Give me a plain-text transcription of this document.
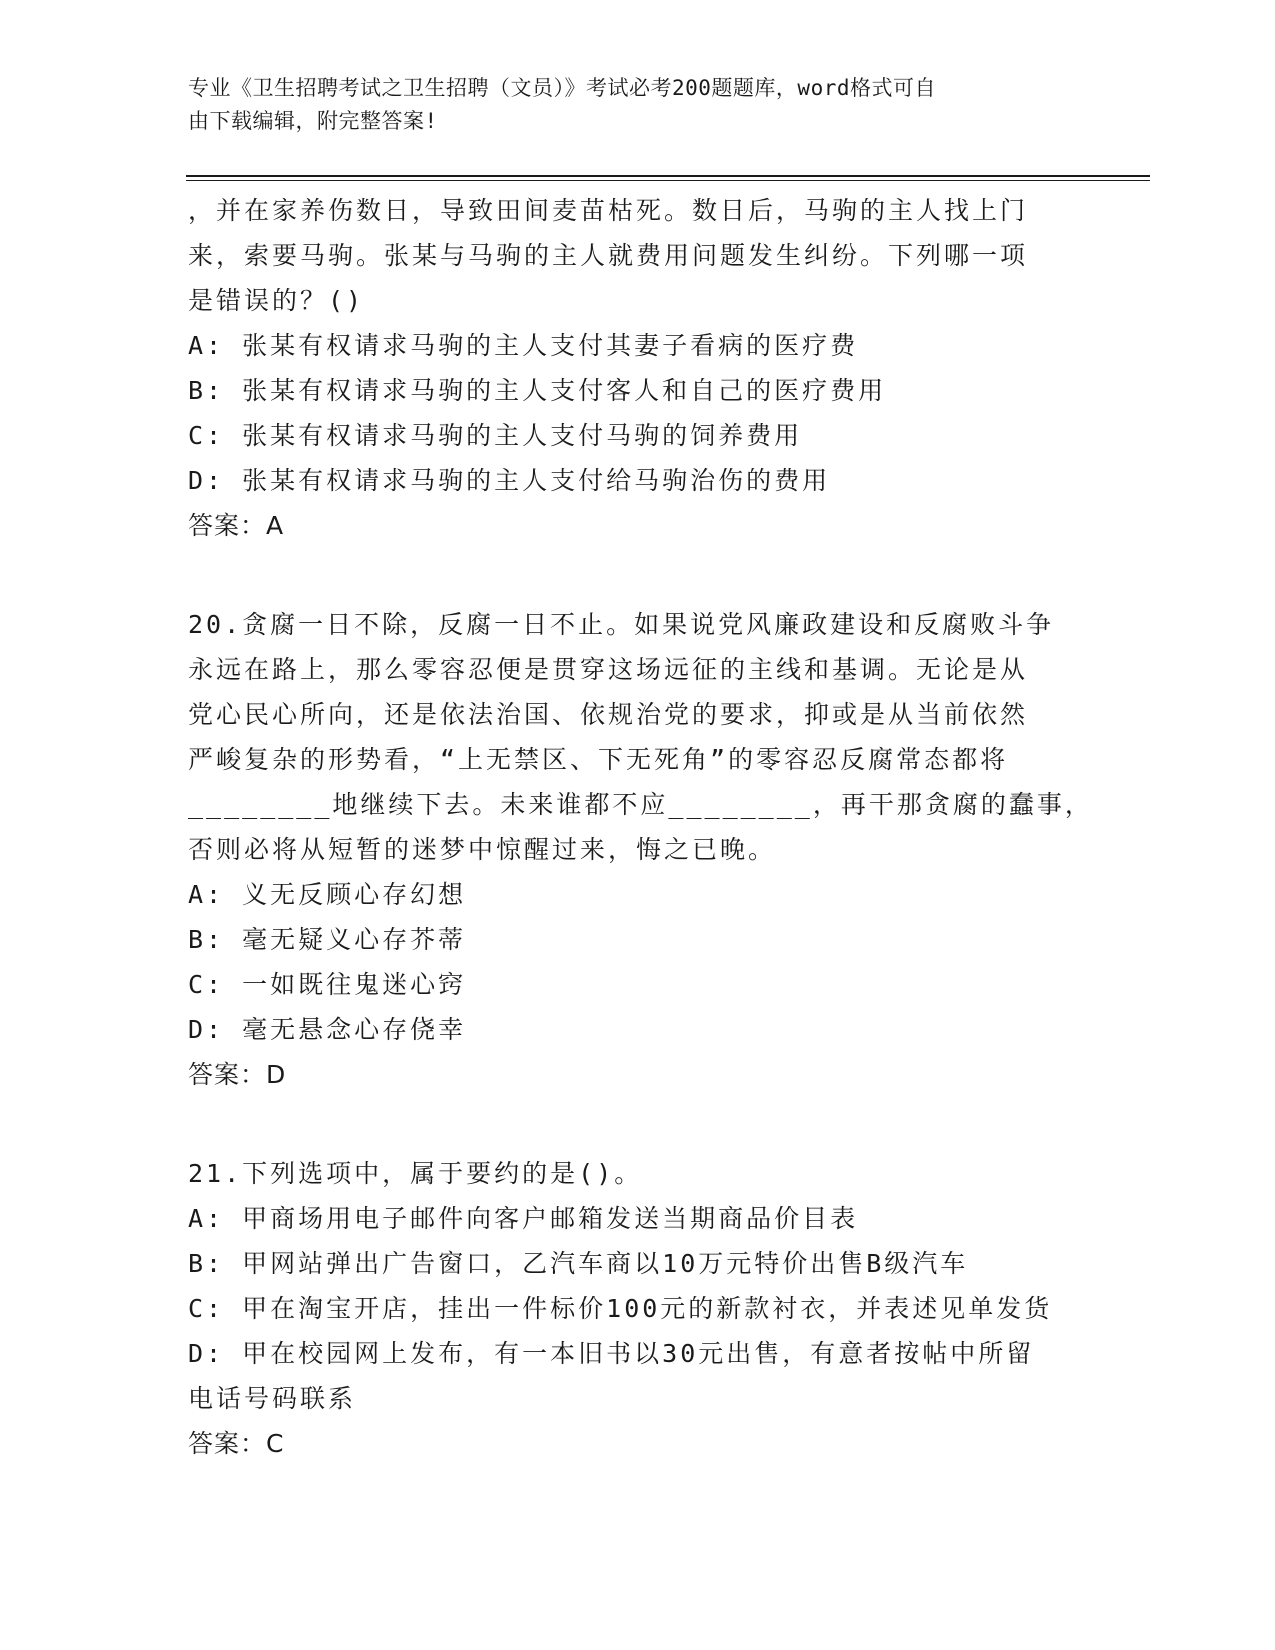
专业《卫生招聘考试之卫生招聘（文员）》考试必考200题题库，word格式可自
由下载编辑，附完整答案!
，并在家养伤数日，导致田间麦苗枯死。数日后，马驹的主人找上门
来，索要马驹。张某与马驹的主人就费用问题发生纠纷。下列哪一项
是错误的？()
A: 张某有权请求马驹的主人支付其妻子看病的医疗费
B: 张某有权请求马驹的主人支付客人和自己的医疗费用
C: 张某有权请求马驹的主人支付马驹的饲养费用
D: 张某有权请求马驹的主人支付给马驹治伤的费用
答案：A
20.贪腐一日不除，反腐一日不止。如果说党风廉政建设和反腐败斗争
永远在路上，那么零容忍便是贯穿这场远征的主线和基调。无论是从
党心民心所向，还是依法治国、依规治党的要求，抑或是从当前依然
严峻复杂的形势看，“上无禁区、下无死角”的零容忍反腐常态都将
________地继续下去。未来谁都不应________，再干那贪腐的蠢事，
否则必将从短暂的迷梦中惊醒过来，悔之已晚。
A: 义无反顾心存幻想
B: 毫无疑义心存芥蒂
C: 一如既往鬼迷心窍
D: 毫无悬念心存侥幸
答案：D
21.下列选项中，属于要约的是()。
A: 甲商场用电子邮件向客户邮箱发送当期商品价目表
B: 甲网站弹出广告窗口，乙汽车商以10万元特价出售B级汽车
C: 甲在淘宝开店，挂出一件标价100元的新款衬衣，并表述见单发货
D: 甲在校园网上发布，有一本旧书以30元出售，有意者按帖中所留
电话号码联系
答案：C
